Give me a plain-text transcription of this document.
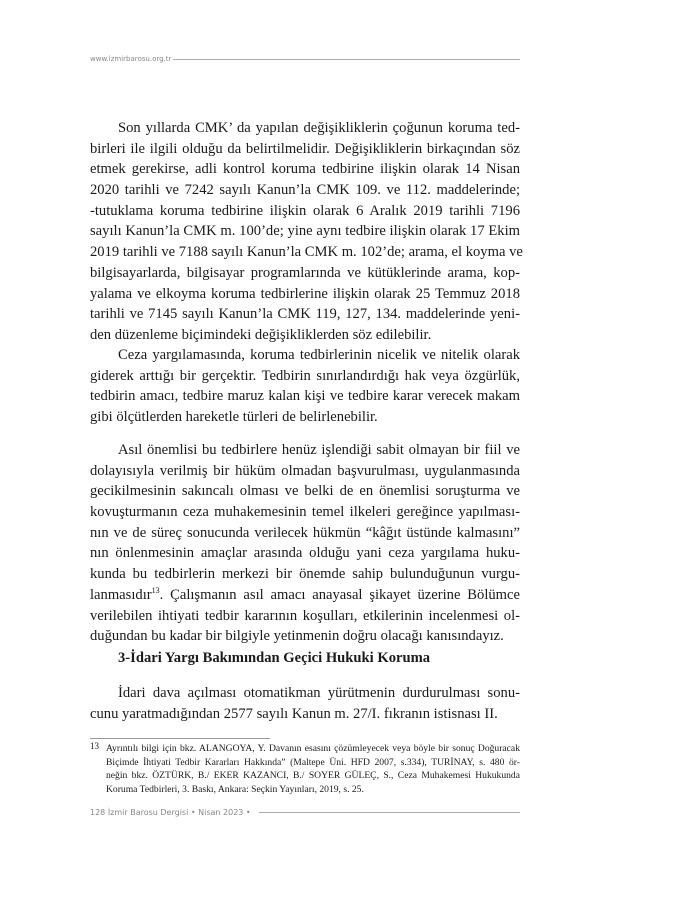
www.izmirbarosu.org.tr
Son yıllarda CMK’ da yapılan değişikliklerin çoğunun koruma ted-
birleri ile ilgili olduğu da belirtilmelidir. Değişikliklerin birkaçından söz
etmek gerekirse, adli kontrol koruma tedbirine ilişkin olarak 14 Nisan
2020 tarihli ve 7242 sayılı Kanun’la CMK 109. ve 112. maddelerinde;
-tutuklama koruma tedbirine ilişkin olarak 6 Aralık 2019 tarihli 7196
sayılı Kanun’la CMK m. 100’de; yine aynı tedbire ilişkin olarak 17 Ekim
2019 tarihli ve 7188 sayılı Kanun’la CMK m. 102’de; arama, el koyma ve
bilgisayarlarda, bilgisayar programlarında ve kütüklerinde arama, kop-
yalama ve elkoyma koruma tedbirlerine ilişkin olarak 25 Temmuz 2018
tarihli ve 7145 sayılı Kanun’la CMK 119, 127, 134. maddelerinde yeni-
den düzenleme biçimindeki değişikliklerden söz edilebilir.
Ceza yargılamasında, koruma tedbirlerinin nicelik ve nitelik olarak
giderek arttığı bir gerçektir. Tedbirin sınırlandırdığı hak veya özgürlük,
tedbirin amacı, tedbire maruz kalan kişi ve tedbire karar verecek makam
gibi ölçütlerden hareketle türleri de belirlenebilir.
Asıl önemlisi bu tedbirlere henüz işlendiği sabit olmayan bir fiil ve
dolayısıyla verilmiş bir hüküm olmadan başvurulması, uygulanmasında
gecikilmesinin sakıncalı olması ve belki de en önemlisi soruşturma ve
kovuşturmanın ceza muhakemesinin temel ilkeleri gereğince yapılması-
nın ve de süreç sonucunda verilecek hükmün “kâğıt üstünde kalmasını”
nın önlenmesinin amaçlar arasında olduğu yani ceza yargılama huku-
kunda bu tedbirlerin merkezi bir önemde sahip bulunduğunun vurgu-
lanmasıdır$^{13}$. Çalışmanın asıl amacı anayasal şikayet üzerine Bölümce
verilebilen ihtiyati tedbir kararının koşulları, etkilerinin incelenmesi ol-
duğundan bu kadar bir bilgiyle yetinmenin doğru olacağı kanısındayız.
3-İdari Yargı Bakımından Geçici Hukuki Koruma
İdari dava açılması otomatikman yürütmenin durdurulması sonu-
cunu yaratmadığından 2577 sayılı Kanun m. 27/I. fıkranın istisnası II.
13 Ayrıntılı bilgi için bkz. ALANGOYA, Y. Davanın esasını çözümleyecek veya böyle bir sonuç Doğuracak
Biçimde İhtiyati Tedbir Kararları Hakkında” (Maltepe Üni. HFD 2007, s.334), TURİNAY, s. 480 ör-
neğin bkz. ÖZTÜRK, B./ EKER KAZANCI, B./ SOYER GÜLEÇ, S., Ceza Muhakemesi Hukukunda
Koruma Tedbirleri, 3. Baskı, Ankara: Seçkin Yayınları, 2019, s. 25.
128 İzmir Barosu Dergisi • Nisan 2023 •
